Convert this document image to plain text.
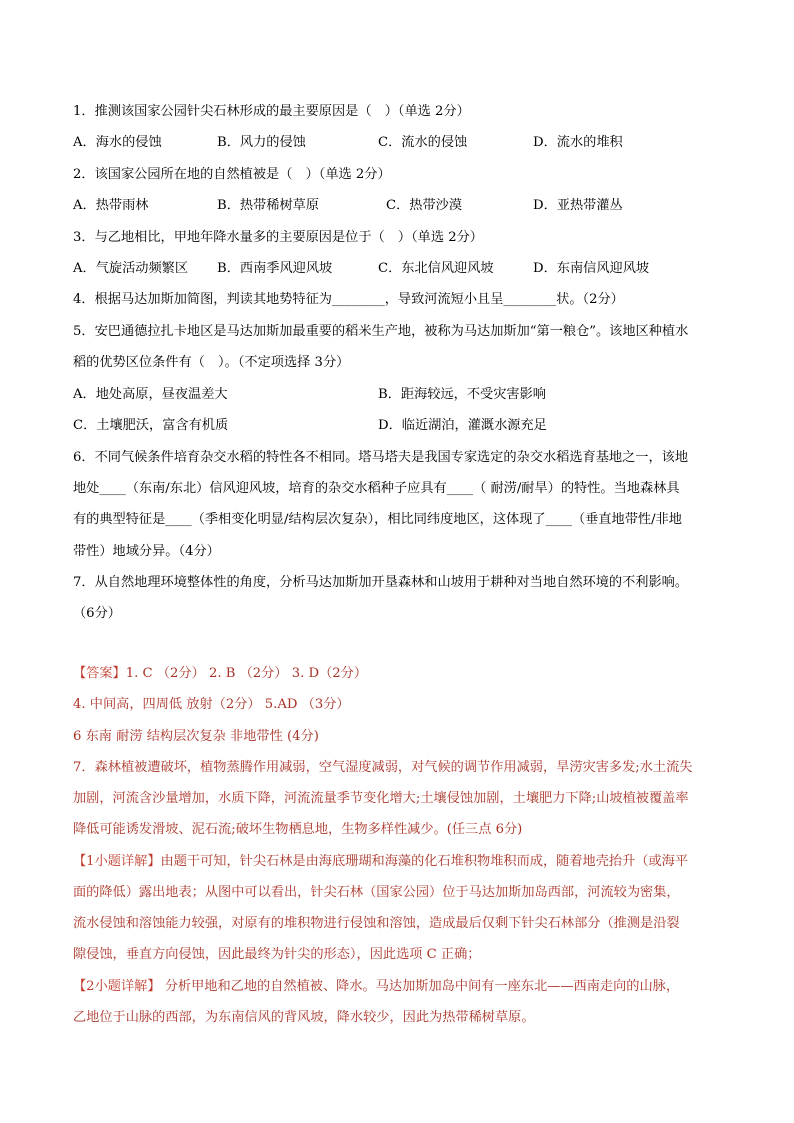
1．推测该国家公园针尖石林形成的最主要原因是（　）（单选 2分）
A．海水的侵蚀	B．风力的侵蚀	C．流水的侵蚀	D．流水的堆积
2．该国家公园所在地的自然植被是（　）（单选 2分）
A．热带雨林	B．热带稀树草原	C．热带沙漠	D．亚热带灌丛
3．与乙地相比，甲地年降水量多的主要原因是位于（　）（单选 2分）
A．气旋活动频繁区 B．西南季风迎风坡	C．东北信风迎风坡	D．东南信风迎风坡
4．根据马达加斯加简图，判读其地势特征为________，导致河流短小且呈________状。（2分）
5．安巴通德拉扎卡地区是马达加斯加最重要的稻米生产地，被称为马达加斯加“第一粮仓”。该地区种植水
稻的优势区位条件有（　）。（不定项选择 3分）
A．地处高原，昼夜温差大	B．距海较远，不受灾害影响
C．土壤肥沃，富含有机质	D．临近湖泊，灌溉水源充足
6．不同气候条件培育杂交水稻的特性各不相同。塔马塔夫是我国专家选定的杂交水稻选育基地之一，该地
地处____（东南/东北）信风迎风坡，培育的杂交水稻种子应具有____（ 耐涝/耐旱）的特性。当地森林具
有的典型特征是____（季相变化明显/结构层次复杂），相比同纬度地区，这体现了____（垂直地带性/非地
带性）地域分异。（4分）
7．从自然地理环境整体性的角度，分析马达加斯加开垦森林和山坡用于耕种对当地自然环境的不利影响。
（6分）
【答案】1. C （2分） 2. B （2分） 3. D（2分）
4. 中间高，四周低 放射（2分） 5.AD （3分）
6 东南 耐涝 结构层次复杂 非地带性 (4分)
7．森林植被遭破坏，植物蒸腾作用减弱，空气湿度减弱，对气候的调节作用减弱，旱涝灾害多发;水土流失
加剧，河流含沙量增加，水质下降，河流流量季节变化增大;土壤侵蚀加剧，土壤肥力下降;山坡植被覆盖率
降低可能诱发滑坡、泥石流;破坏生物栖息地，生物多样性减少。(任三点 6分)
【1小题详解】由题干可知，针尖石林是由海底珊瑚和海藻的化石堆积物堆积而成，随着地壳抬升（或海平
面的降低）露出地表；从图中可以看出，针尖石林（国家公园）位于马达加斯加岛西部，河流较为密集，
流水侵蚀和溶蚀能力较强，对原有的堆积物进行侵蚀和溶蚀，造成最后仅剩下针尖石林部分（推测是沿裂
隙侵蚀，垂直方向侵蚀，因此最终为针尖的形态），因此选项 C 正确；
【2小题详解】 分析甲地和乙地的自然植被、降水。马达加斯加岛中间有一座东北——西南走向的山脉，
乙地位于山脉的西部，为东南信风的背风坡，降水较少，因此为热带稀树草原。
